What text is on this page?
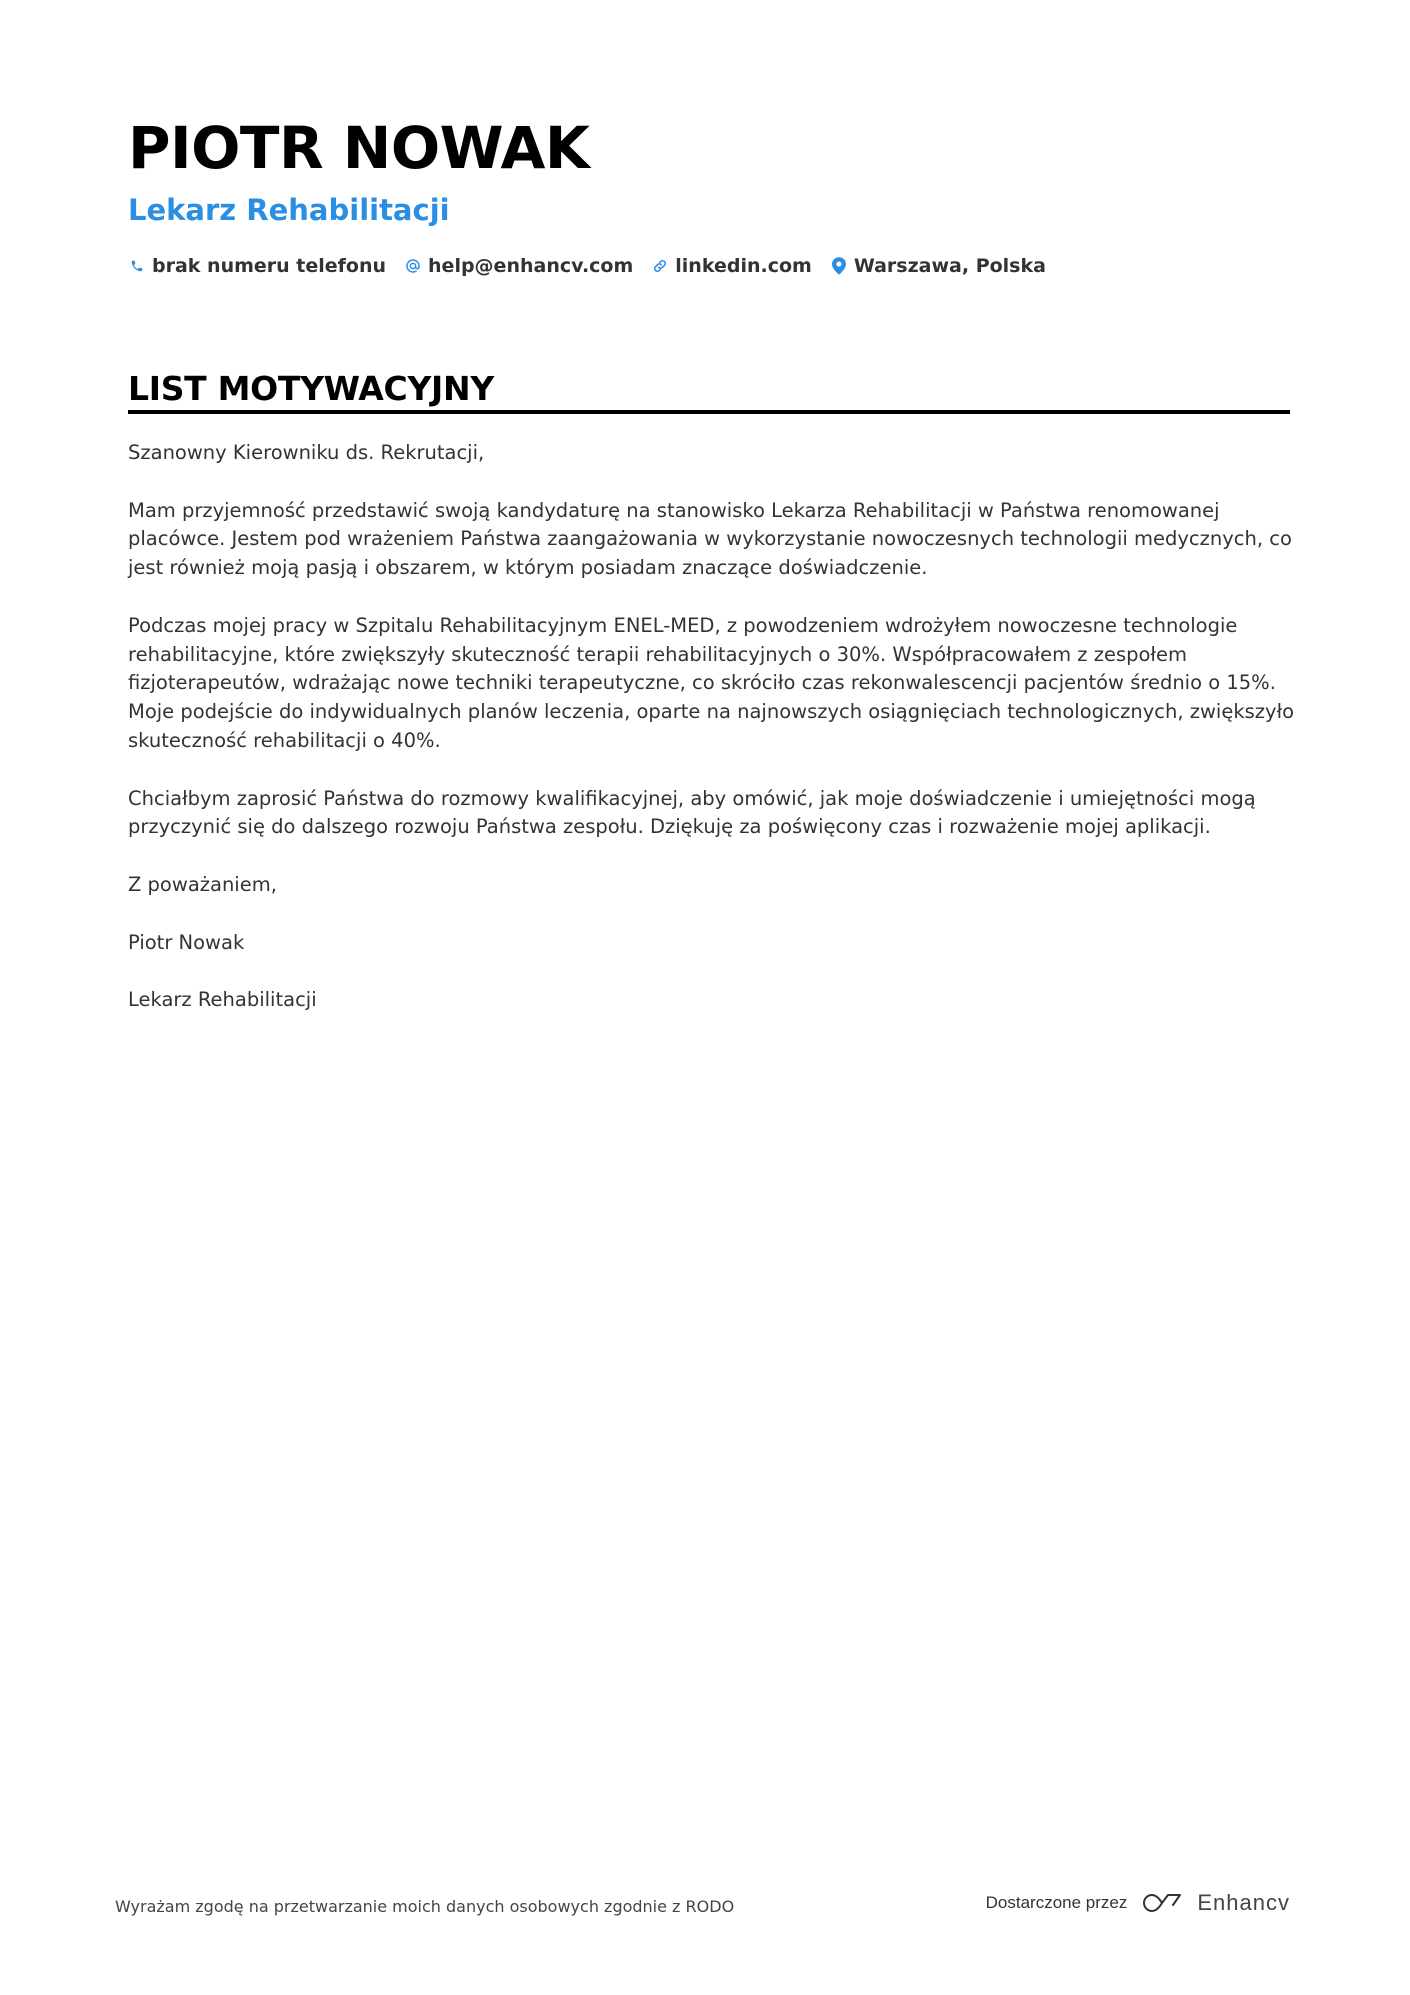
PIOTR NOWAK
Lekarz Rehabilitacji
brak numeru telefonu help@enhancv.com linkedin.com Warszawa, Polska
LIST MOTYWACYJNY

Szanowny Kierowniku ds. Rekrutacji,

Mam przyjemność przedstawić swoją kandydaturę na stanowisko Lekarza Rehabilitacji w Państwa renomowanej placówce. Jestem pod wrażeniem Państwa zaangażowania w wykorzystanie nowoczesnych technologii medycznych, co jest również moją pasją i obszarem, w którym posiadam znaczące doświadczenie.

Podczas mojej pracy w Szpitalu Rehabilitacyjnym ENEL-MED, z powodzeniem wdrożyłem nowoczesne technologie rehabilitacyjne, które zwiększyły skuteczność terapii rehabilitacyjnych o 30%. Współpracowałem z zespołem fizjoterapeutów, wdrażając nowe techniki terapeutyczne, co skróciło czas rekonwalescencji pacjentów średnio o 15%. Moje podejście do indywidualnych planów leczenia, oparte na najnowszych osiągnięciach technologicznych, zwiększyło skuteczność rehabilitacji o 40%.

Chciałbym zaprosić Państwa do rozmowy kwalifikacyjnej, aby omówić, jak moje doświadczenie i umiejętności mogą przyczynić się do dalszego rozwoju Państwa zespołu. Dziękuję za poświęcony czas i rozważenie mojej aplikacji.

Z poważaniem,

Piotr Nowak

Lekarz Rehabilitacji

Wyrażam zgodę na przetwarzanie moich danych osobowych zgodnie z RODO	Dostarczone przez	Enhancv
